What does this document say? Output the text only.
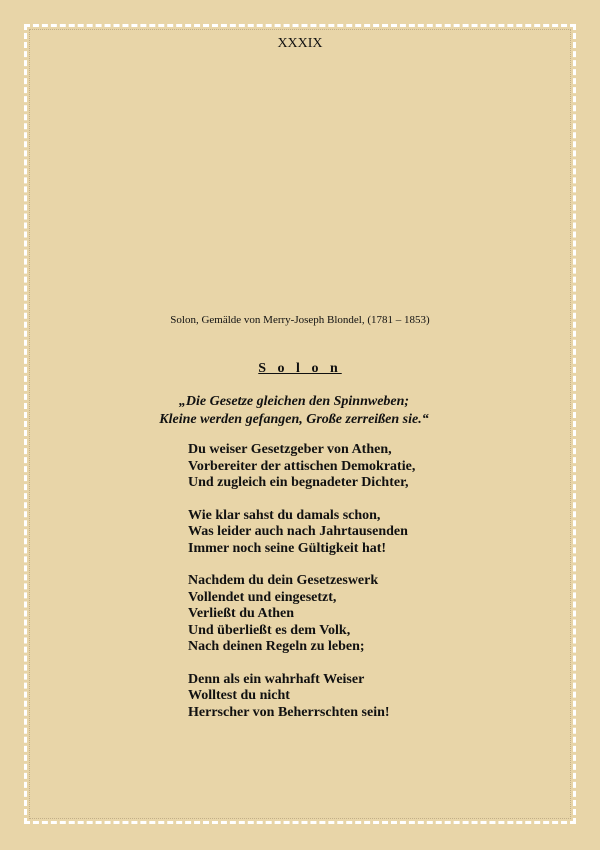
XXXIX
Solon, Gemälde von Merry-Joseph Blondel, (1781 – 1853)
S o l o n
„Die Gesetze gleichen den Spinnweben;
Kleine werden gefangen, Große zerreißen sie.“
Du weiser Gesetzgeber von Athen,
Vorbereiter der attischen Demokratie,
Und zugleich ein begnadeter Dichter,
Wie klar sahst du damals schon,
Was leider auch nach Jahrtausenden
Immer noch seine Gültigkeit hat!
Nachdem du dein Gesetzeswerk
Vollendet und eingesetzt,
Verließt du Athen
Und überließt es dem Volk,
Nach deinen Regeln zu leben;
Denn als ein wahrhaft Weiser
Wolltest du nicht
Herrscher von Beherrschten sein!
